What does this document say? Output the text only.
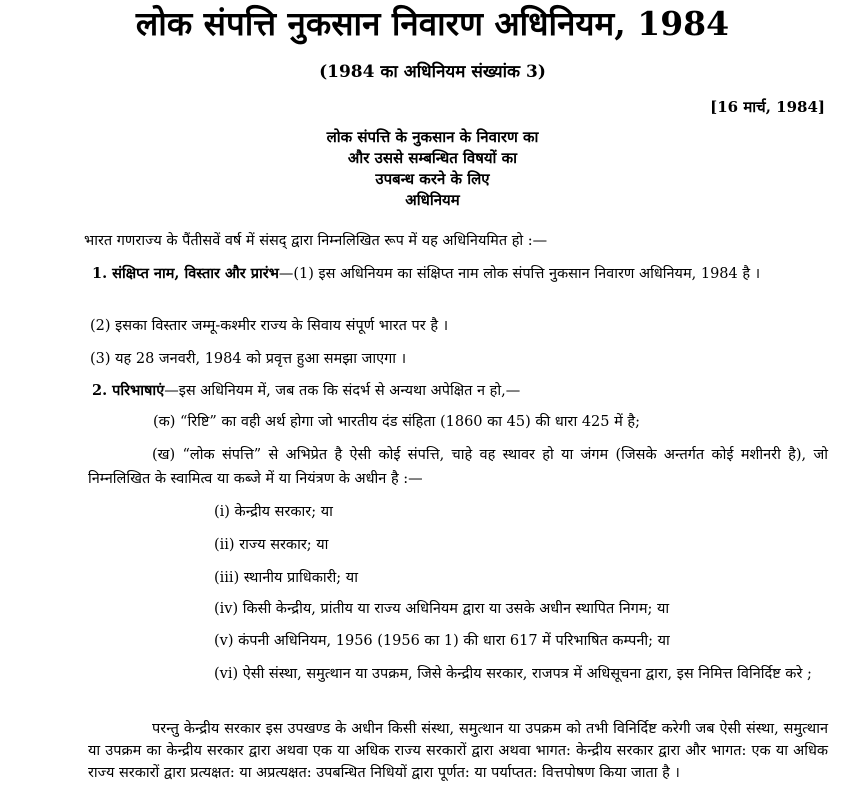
लोक संपत्ति नुकसान निवारण अधिनियम, 1984
(1984 का अधिनियम संख्यांक 3)
[16 मार्च, 1984]
लोक संपत्ति के नुकसान के निवारण का
और उससे सम्बन्धित विषयों का
उपबन्ध करने के लिए
अधिनियम

भारत गणराज्य के पैंतीसवें वर्ष में संसद् द्वारा निम्नलिखित रूप में यह अधिनियमित हो :—

1. संक्षिप्त नाम, विस्तार और प्रारंभ—(1) इस अधिनियम का संक्षिप्त नाम लोक संपत्ति नुकसान निवारण अधिनियम, 1984 है ।

(2) इसका विस्तार जम्मू-कश्मीर राज्य के सिवाय संपूर्ण भारत पर है ।

(3) यह 28 जनवरी, 1984 को प्रवृत्त हुआ समझा जाएगा ।

2. परिभाषाएं—इस अधिनियम में, जब तक कि संदर्भ से अन्यथा अपेक्षित न हो,—

(क) “रिष्टि” का वही अर्थ होगा जो भारतीय दंड संहिता (1860 का 45) की धारा 425 में है;

(ख) “लोक संपत्ति” से अभिप्रेत है ऐसी कोई संपत्ति, चाहे वह स्थावर हो या जंगम (जिसके अन्तर्गत कोई मशीनरी है), जो निम्नलिखित के स्वामित्व या कब्जे में या नियंत्रण के अधीन है :—

(i) केन्द्रीय सरकार; या

(ii) राज्य सरकार; या

(iii) स्थानीय प्राधिकारी; या

(iv) किसी केन्द्रीय, प्रांतीय या राज्य अधिनियम द्वारा या उसके अधीन स्थापित निगम; या

(v) कंपनी अधिनियम, 1956 (1956 का 1) की धारा 617 में परिभाषित कम्पनी; या

(vi) ऐसी संस्था, समुत्थान या उपक्रम, जिसे केन्द्रीय सरकार, राजपत्र में अधिसूचना द्वारा, इस निमित्त विनिर्दिष्ट करे ;

परन्तु केन्द्रीय सरकार इस उपखण्ड के अधीन किसी संस्था, समुत्थान या उपक्रम को तभी विनिर्दिष्ट करेगी जब ऐसी संस्था, समुत्थान या उपक्रम का केन्द्रीय सरकार द्वारा अथवा एक या अधिक राज्य सरकारों द्वारा अथवा भागत: केन्द्रीय सरकार द्वारा और भागत: एक या अधिक राज्य सरकारों द्वारा प्रत्यक्षत: या अप्रत्यक्षत: उपबन्धित निधियों द्वारा पूर्णत: या पर्याप्तत: वित्तपोषण किया जाता है ।
